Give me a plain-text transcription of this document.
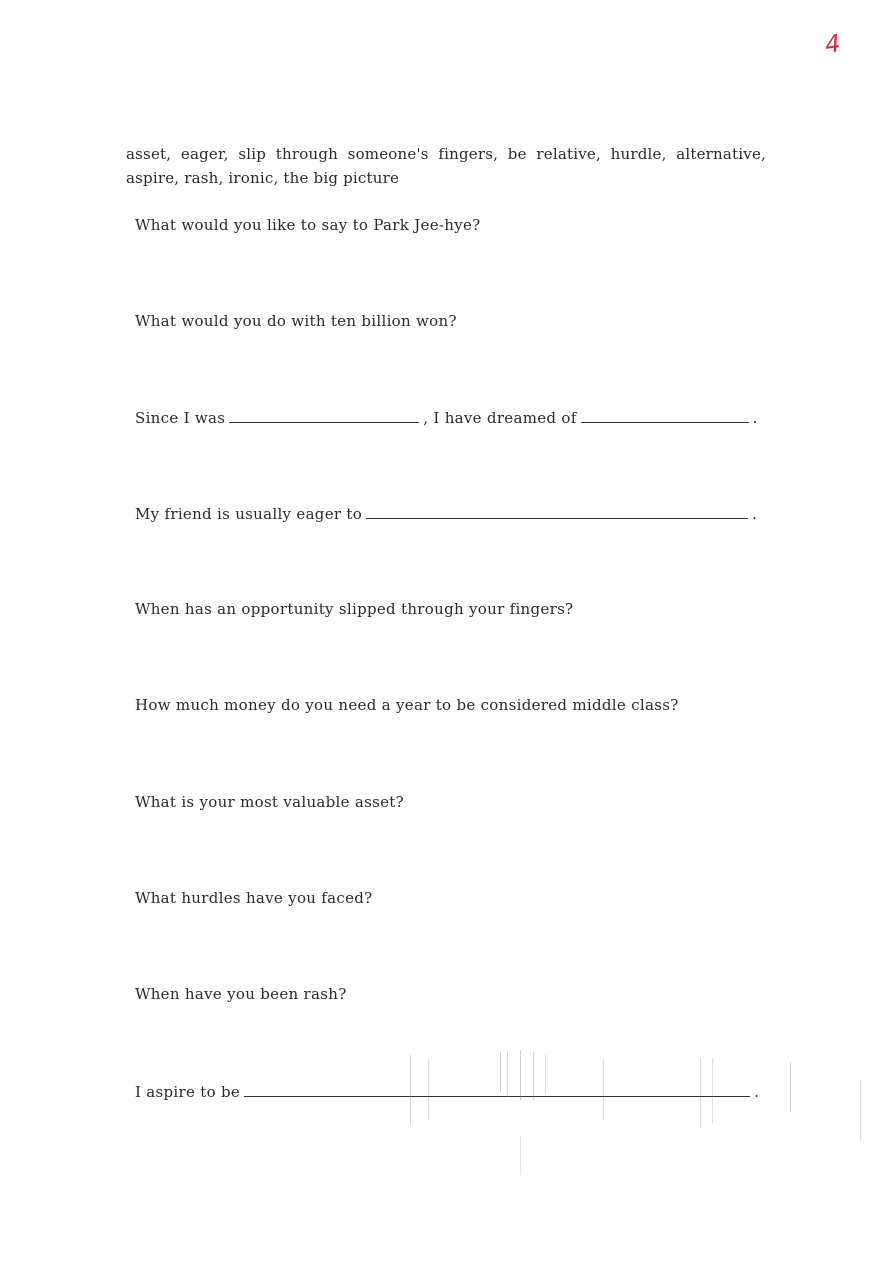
4
asset, eager, slip through someone's fingers, be relative, hurdle, alternative, aspire, rash, ironic, the big picture
What would you like to say to Park Jee-hye?
What would you do with ten billion won?
Since I was	, I have dreamed of	.
My friend is usually eager to	.
When has an opportunity slipped through your fingers?
How much money do you need a year to be considered middle class?
What is your most valuable asset?
What hurdles have you faced?
When have you been rash?
I aspire to be	.
